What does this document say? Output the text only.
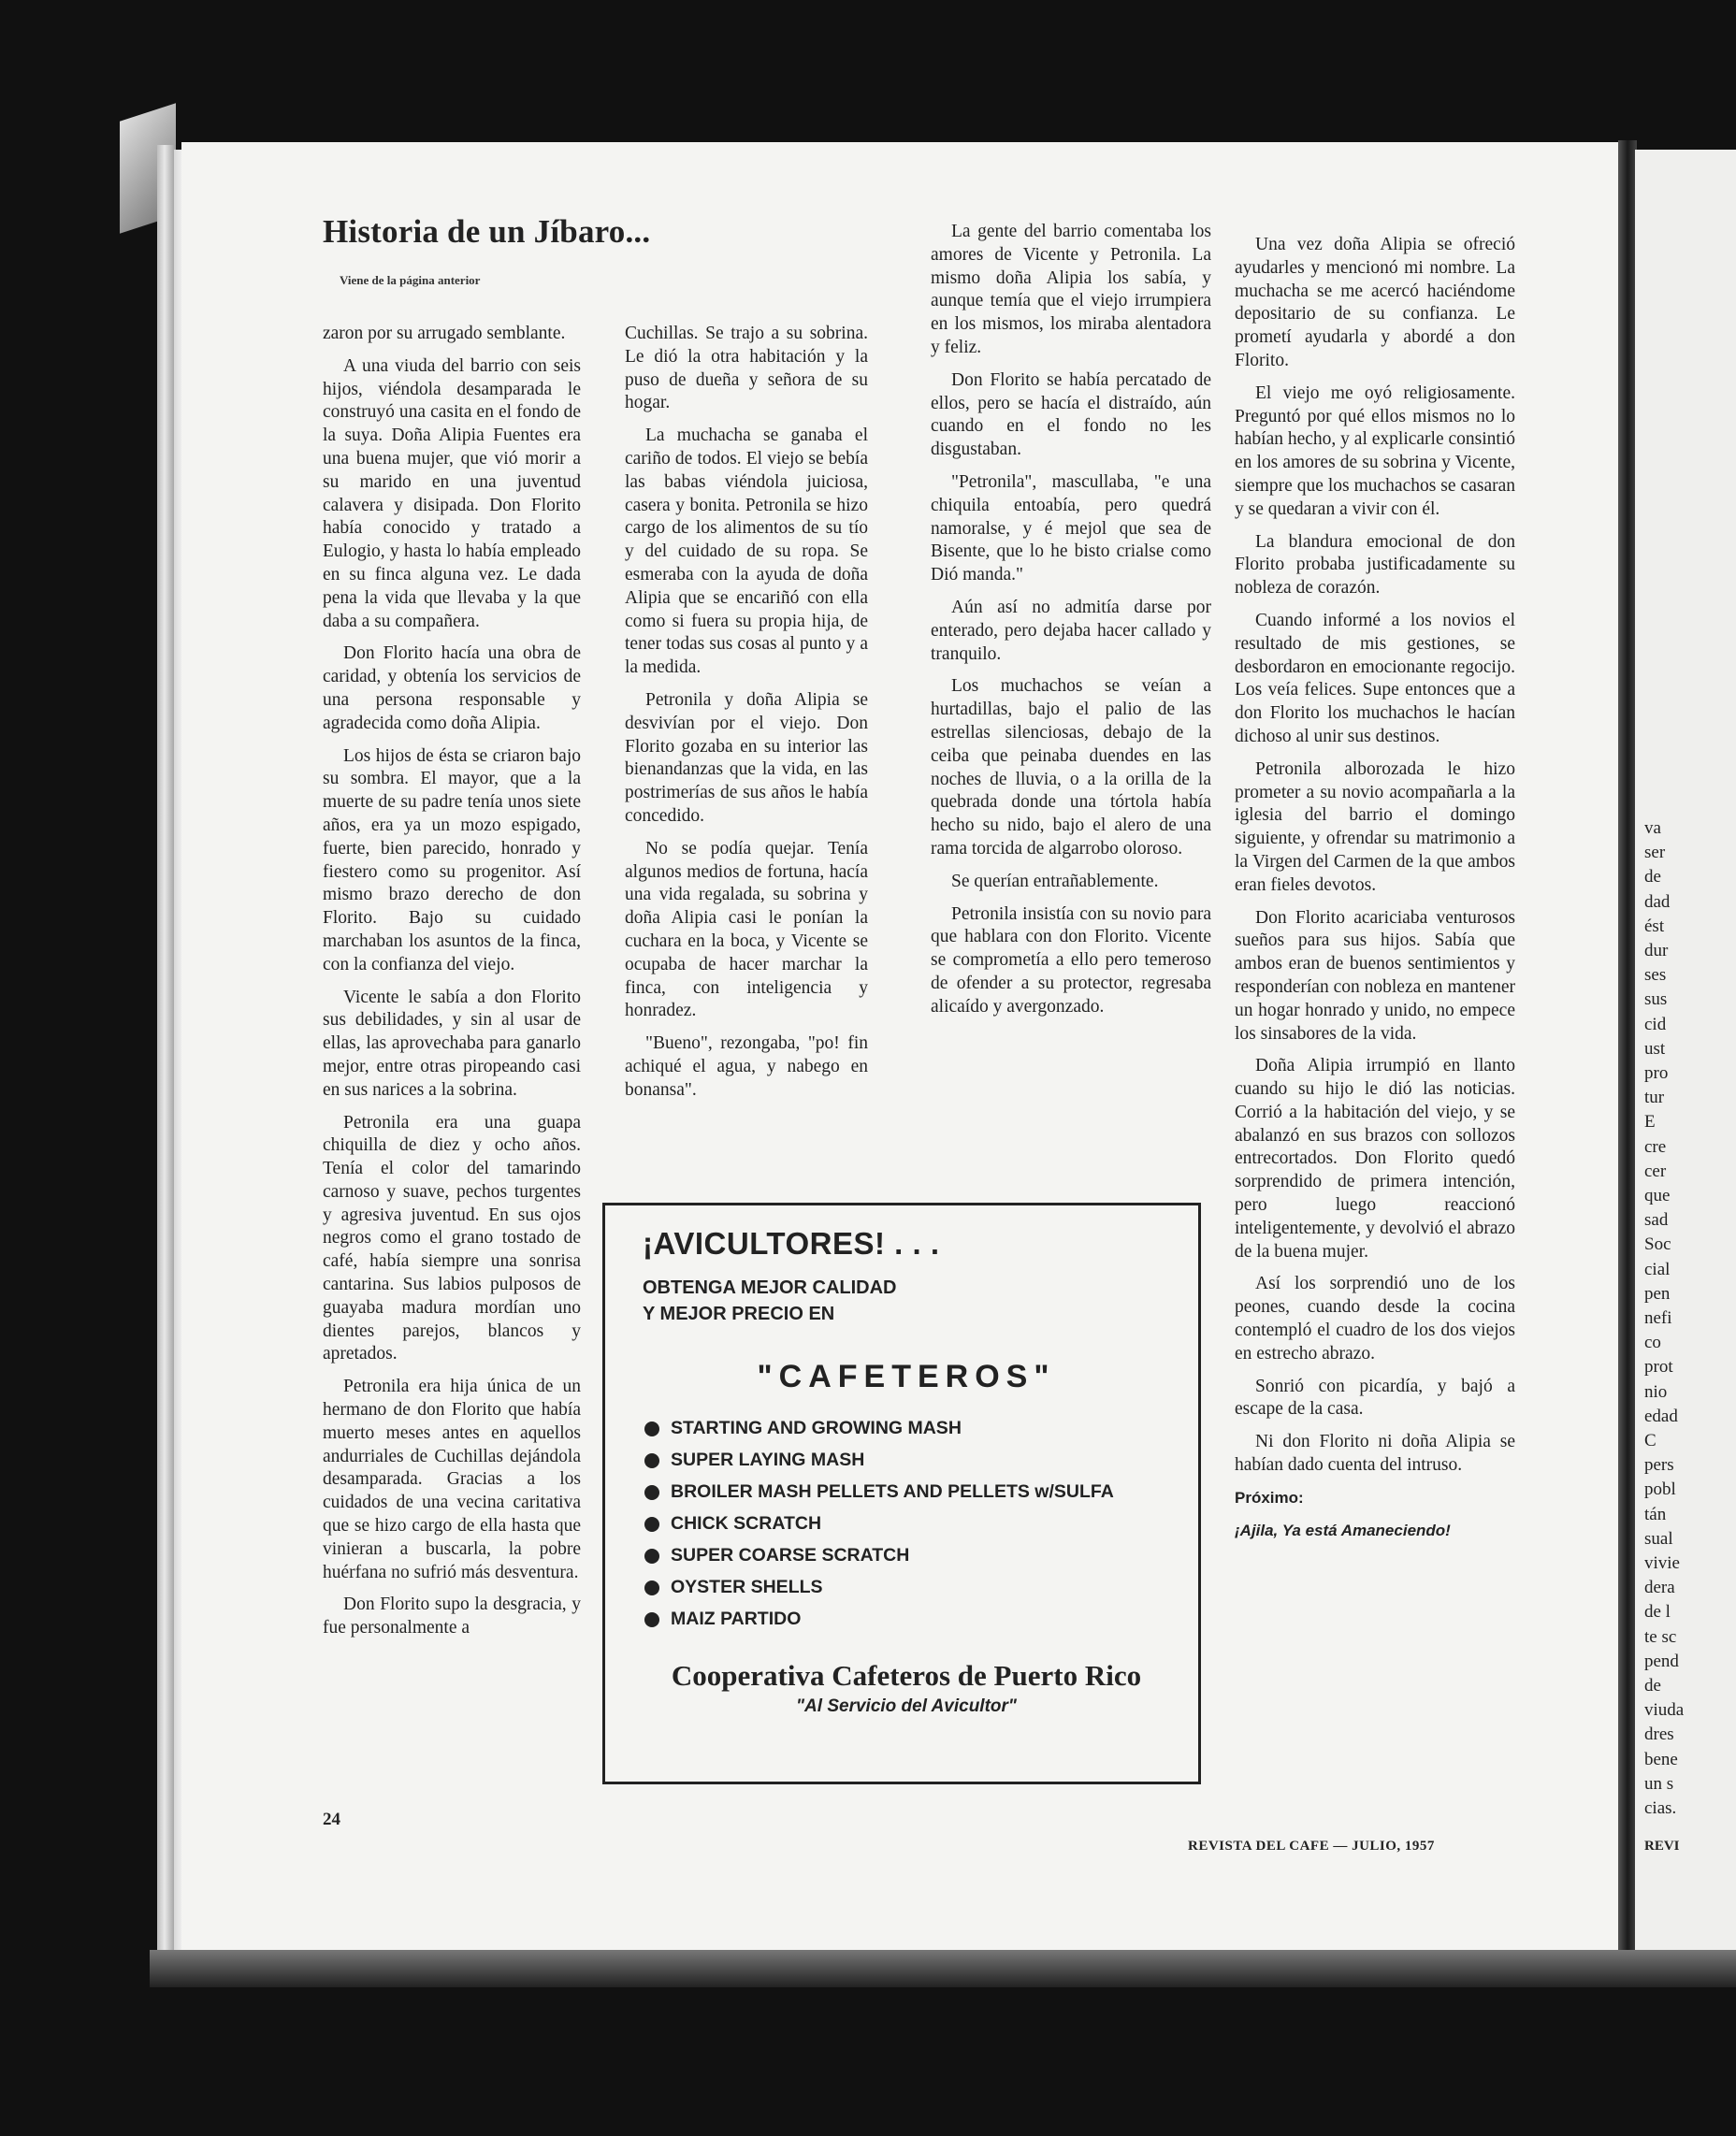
Historia de un Jíbaro...
Viene de la página anterior

zaron por su arrugado semblante.

A una viuda del barrio con seis hijos, viéndola desamparada le construyó una casita en el fondo de la suya. Doña Alipia Fuentes era una buena mujer, que vió morir a su marido en una juventud calavera y disipada. Don Florito había conocido y tratado a Eulogio, y hasta lo había empleado en su finca alguna vez. Le dada pena la vida que llevaba y la que daba a su compañera.

Don Florito hacía una obra de caridad, y obtenía los servicios de una persona responsable y agradecida como doña Alipia.

Los hijos de ésta se criaron bajo su sombra. El mayor, que a la muerte de su padre tenía unos siete años, era ya un mozo espigado, fuerte, bien parecido, honrado y fiestero como su progenitor. Así mismo brazo derecho de don Florito. Bajo su cuidado marchaban los asuntos de la finca, con la confianza del viejo.

Vicente le sabía a don Florito sus debilidades, y sin al usar de ellas, las aprovechaba para ganarlo mejor, entre otras piropeando casi en sus narices a la sobrina.

Petronila era una guapa chiquilla de diez y ocho años. Tenía el color del tamarindo carnoso y suave, pechos turgentes y agresiva juventud. En sus ojos negros como el grano tostado de café, había siempre una sonrisa cantarina. Sus labios pulposos de guayaba madura mordían uno dientes parejos, blancos y apretados.

Petronila era hija única de un hermano de don Florito que había muerto meses antes en aquellos andurriales de Cuchillas dejándola desamparada. Gracias a los cuidados de una vecina caritativa que se hizo cargo de ella hasta que vinieran a buscarla, la pobre huérfana no sufrió más desventura.

Don Florito supo la desgracia, y fue personalmente a

Cuchillas. Se trajo a su sobrina. Le dió la otra habitación y la puso de dueña y señora de su hogar.

La muchacha se ganaba el cariño de todos. El viejo se bebía las babas viéndola juiciosa, casera y bonita. Petronila se hizo cargo de los alimentos de su tío y del cuidado de su ropa. Se esmeraba con la ayuda de doña Alipia que se encariñó con ella como si fuera su propia hija, de tener todas sus cosas al punto y a la medida.

Petronila y doña Alipia se desvivían por el viejo. Don Florito gozaba en su interior las bienandanzas que la vida, en las postrimerías de sus años le había concedido.

No se podía quejar. Tenía algunos medios de fortuna, hacía una vida regalada, su sobrina y doña Alipia casi le ponían la cuchara en la boca, y Vicente se ocupaba de hacer marchar la finca, con inteligencia y honradez.

"Bueno", rezongaba, "po! fin achiqué el agua, y nabego en bonansa".

La gente del barrio comentaba los amores de Vicente y Petronila. La mismo doña Alipia los sabía, y aunque temía que el viejo irrumpiera en los mismos, los miraba alentadora y feliz.

Don Florito se había percatado de ellos, pero se hacía el distraído, aún cuando en el fondo no les disgustaban.

"Petronila", mascullaba, "e una chiquila entoabía, pero quedrá namoralse, y é mejol que sea de Bisente, que lo he bisto crialse como Dió manda."

Aún así no admitía darse por enterado, pero dejaba hacer callado y tranquilo.

Los muchachos se veían a hurtadillas, bajo el palio de las estrellas silenciosas, debajo de la ceiba que peinaba duendes en las noches de lluvia, o a la orilla de la quebrada donde una tórtola había hecho su nido, bajo el alero de una rama torcida de algarrobo oloroso.

Se querían entrañablemente.

Petronila insistía con su novio para que hablara con don Florito. Vicente se comprometía a ello pero temeroso de ofender a su protector, regresaba alicaído y avergonzado.

Una vez doña Alipia se ofreció ayudarles y mencionó mi nombre. La muchacha se me acercó haciéndome depositario de su confianza. Le prometí ayudarla y abordé a don Florito.

El viejo me oyó religiosamente. Preguntó por qué ellos mismos no lo habían hecho, y al explicarle consintió en los amores de su sobrina y Vicente, siempre que los muchachos se casaran y se quedaran a vivir con él.

La blandura emocional de don Florito probaba justificadamente su nobleza de corazón.

Cuando informé a los novios el resultado de mis gestiones, se desbordaron en emocionante regocijo. Los veía felices. Supe entonces que a don Florito los muchachos le hacían dichoso al unir sus destinos.

Petronila alborozada le hizo prometer a su novio acompañarla a la iglesia del barrio el domingo siguiente, y ofrendar su matrimonio a la Virgen del Carmen de la que ambos eran fieles devotos.

Don Florito acariciaba venturosos sueños para sus hijos. Sabía que ambos eran de buenos sentimientos y responderían con nobleza en mantener un hogar honrado y unido, no empece los sinsabores de la vida.

Doña Alipia irrumpió en llanto cuando su hijo le dió las noticias. Corrió a la habitación del viejo, y se abalanzó en sus brazos con sollozos entrecortados. Don Florito quedó sorprendido de primera intención, pero luego reaccionó inteligentemente, y devolvió el abrazo de la buena mujer.

Así los sorprendió uno de los peones, cuando desde la cocina contempló el cuadro de los dos viejos en estrecho abrazo.

Sonrió con picardía, y bajó a escape de la casa.

Ni don Florito ni doña Alipia se habían dado cuenta del intruso.

Próximo:

¡Ajila, Ya está Amaneciendo!

¡AVICULTORES! . . .
OBTENGA MEJOR CALIDAD
Y MEJOR PRECIO EN
"CAFETEROS"
STARTING AND GROWING MASH
SUPER LAYING MASH
BROILER MASH PELLETS AND PELLETS w/SULFA
CHICK SCRATCH
SUPER COARSE SCRATCH
OYSTER SHELLS
MAIZ PARTIDO
Cooperativa Cafeteros de Puerto Rico
"Al Servicio del Avicultor"
24
REVISTA DEL CAFE — JULIO, 1957	REVI
va
ser
de
dad
ést
dur
ses
sus
cid
ust
pro
tur
E
cre
cer
que
sad
Soc
cial
pen
nefi
co
prot
nio
edad
C
pers
pobl
tán
sual
vivie
dera
de l
te sc
pend
de
viuda
dres
bene
un s
cias.
